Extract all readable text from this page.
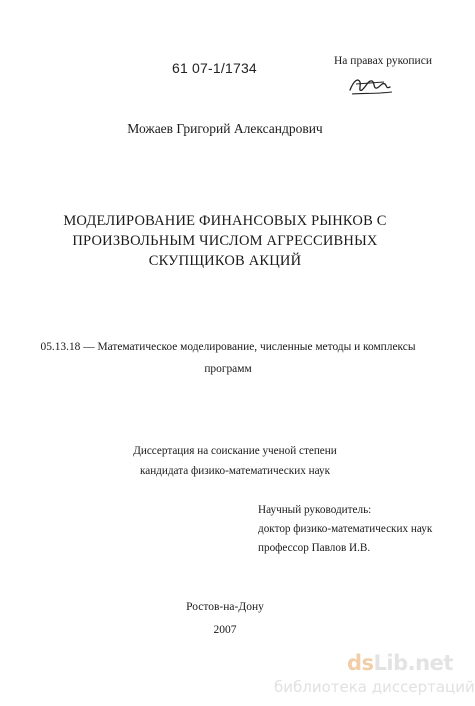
61 07-1/1734	На правах рукописи
Можаев Григорий Александрович
МОДЕЛИРОВАНИЕ ФИНАНСОВЫХ РЫНКОВ С
ПРОИЗВОЛЬНЫМ ЧИСЛОМ АГРЕССИВНЫХ
СКУПЩИКОВ АКЦИЙ
05.13.18 — Математическое моделирование, численные методы и комплексы
программ
Диссертация на соискание ученой степени
кандидата физико-математических наук
Научный руководитель:
доктор физико-математических наук
профессор Павлов И.В.
Ростов-на-Дону
2007
dsLib.net
библиотека диссертаций
